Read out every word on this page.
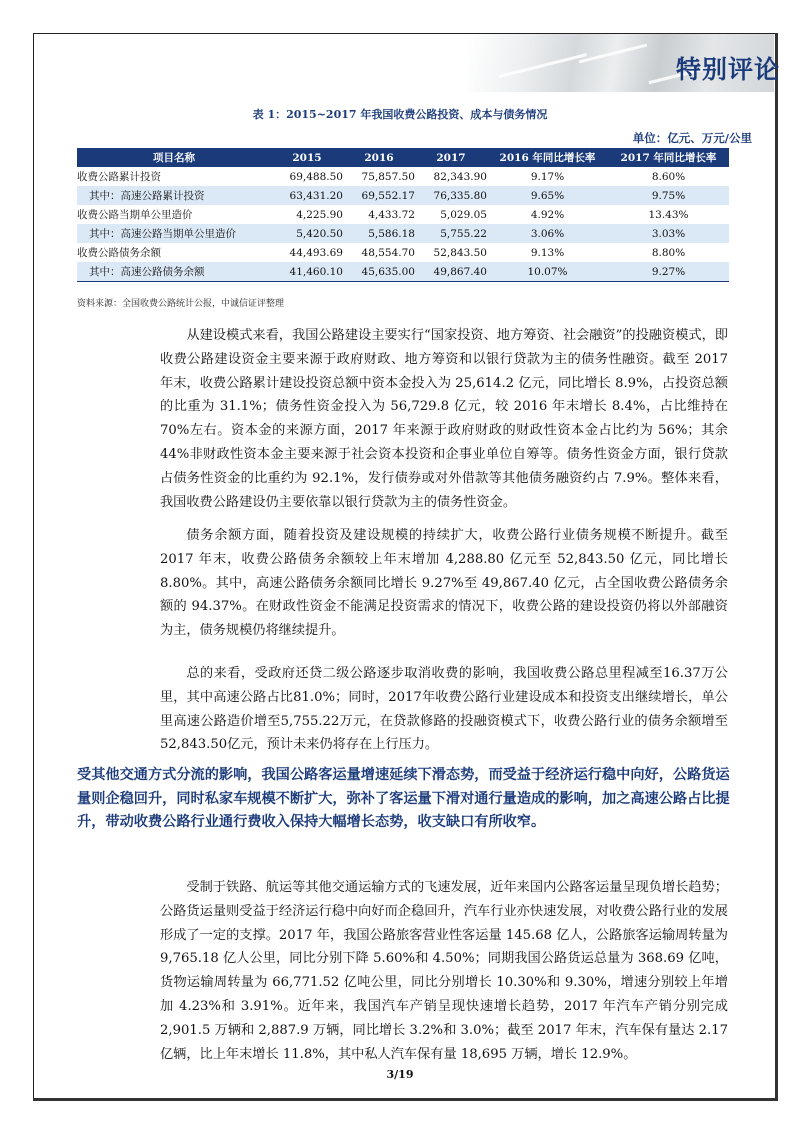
特别评论
表 1：2015~2017 年我国收费公路投资、成本与债务情况
单位：亿元、万元/公里
项目名称	2015	2016	2017	2016 年同比增长率	2017 年同比增长率
收费公路累计投资	69,488.50	75,857.50	82,343.90	9.17%	8.60%
其中：高速公路累计投资	63,431.20	69,552.17	76,335.80	9.65%	9.75%
收费公路当期单公里造价	4,225.90	4,433.72	5,029.05	4.92%	13.43%
其中：高速公路当期单公里造价	5,420.50	5,586.18	5,755.22	3.06%	3.03%
收费公路债务余额	44,493.69	48,554.70	52,843.50	9.13%	8.80%
其中：高速公路债务余额	41,460.10	45,635.00	49,867.40	10.07%	9.27%
资料来源：全国收费公路统计公报，中诚信证评整理

从建设模式来看，我国公路建设主要实行“国家投资、地方筹资、社会融资”的投融资模式，即收费公路建设资金主要来源于政府财政、地方筹资和以银行贷款为主的债务性融资。截至 2017 年末，收费公路累计建设投资总额中资本金投入为 25,614.2 亿元，同比增长 8.9%，占投资总额的比重为 31.1%；债务性资金投入为 56,729.8 亿元，较 2016 年末增长 8.4%，占比维持在 70%左右。资本金的来源方面，2017 年来源于政府财政的财政性资本金占比约为 56%；其余 44%非财政性资本金主要来源于社会资本投资和企事业单位自筹等。债务性资金方面，银行贷款占债务性资金的比重约为 92.1%，发行债券或对外借款等其他债务融资约占 7.9%。整体来看，我国收费公路建设仍主要依靠以银行贷款为主的债务性资金。

债务余额方面，随着投资及建设规模的持续扩大，收费公路行业债务规模不断提升。截至 2017 年末，收费公路债务余额较上年末增加 4,288.80 亿元至 52,843.50 亿元，同比增长 8.80%。其中，高速公路债务余额同比增长 9.27%至 49,867.40 亿元，占全国收费公路债务余额的 94.37%。在财政性资金不能满足投资需求的情况下，收费公路的建设投资仍将以外部融资为主，债务规模仍将继续提升。

总的来看，受政府还贷二级公路逐步取消收费的影响，我国收费公路总里程减至16.37万公里，其中高速公路占比81.0%；同时，2017年收费公路行业建设成本和投资支出继续增长，单公里高速公路造价增至5,755.22万元，在贷款修路的投融资模式下，收费公路行业的债务余额增至52,843.50亿元，预计未来仍将存在上行压力。

受其他交通方式分流的影响，我国公路客运量增速延续下滑态势，而受益于经济运行稳中向好，公路货运量则企稳回升，同时私家车规模不断扩大，弥补了客运量下滑对通行量造成的影响，加之高速公路占比提升，带动收费公路行业通行费收入保持大幅增长态势，收支缺口有所收窄。

受制于铁路、航运等其他交通运输方式的飞速发展，近年来国内公路客运量呈现负增长趋势；公路货运量则受益于经济运行稳中向好而企稳回升，汽车行业亦快速发展，对收费公路行业的发展形成了一定的支撑。2017 年，我国公路旅客营业性客运量 145.68 亿人，公路旅客运输周转量为 9,765.18 亿人公里，同比分别下降 5.60%和 4.50%；同期我国公路货运总量为 368.69 亿吨，货物运输周转量为 66,771.52 亿吨公里，同比分别增长 10.30%和 9.30%，增速分别较上年增加 4.23%和 3.91%。近年来，我国汽车产销呈现快速增长趋势，2017 年汽车产销分别完成 2,901.5 万辆和 2,887.9 万辆，同比增长 3.2%和 3.0%；截至 2017 年末，汽车保有量达 2.17 亿辆，比上年末增长 11.8%，其中私人汽车保有量 18,695 万辆，增长 12.9%。

3/19
